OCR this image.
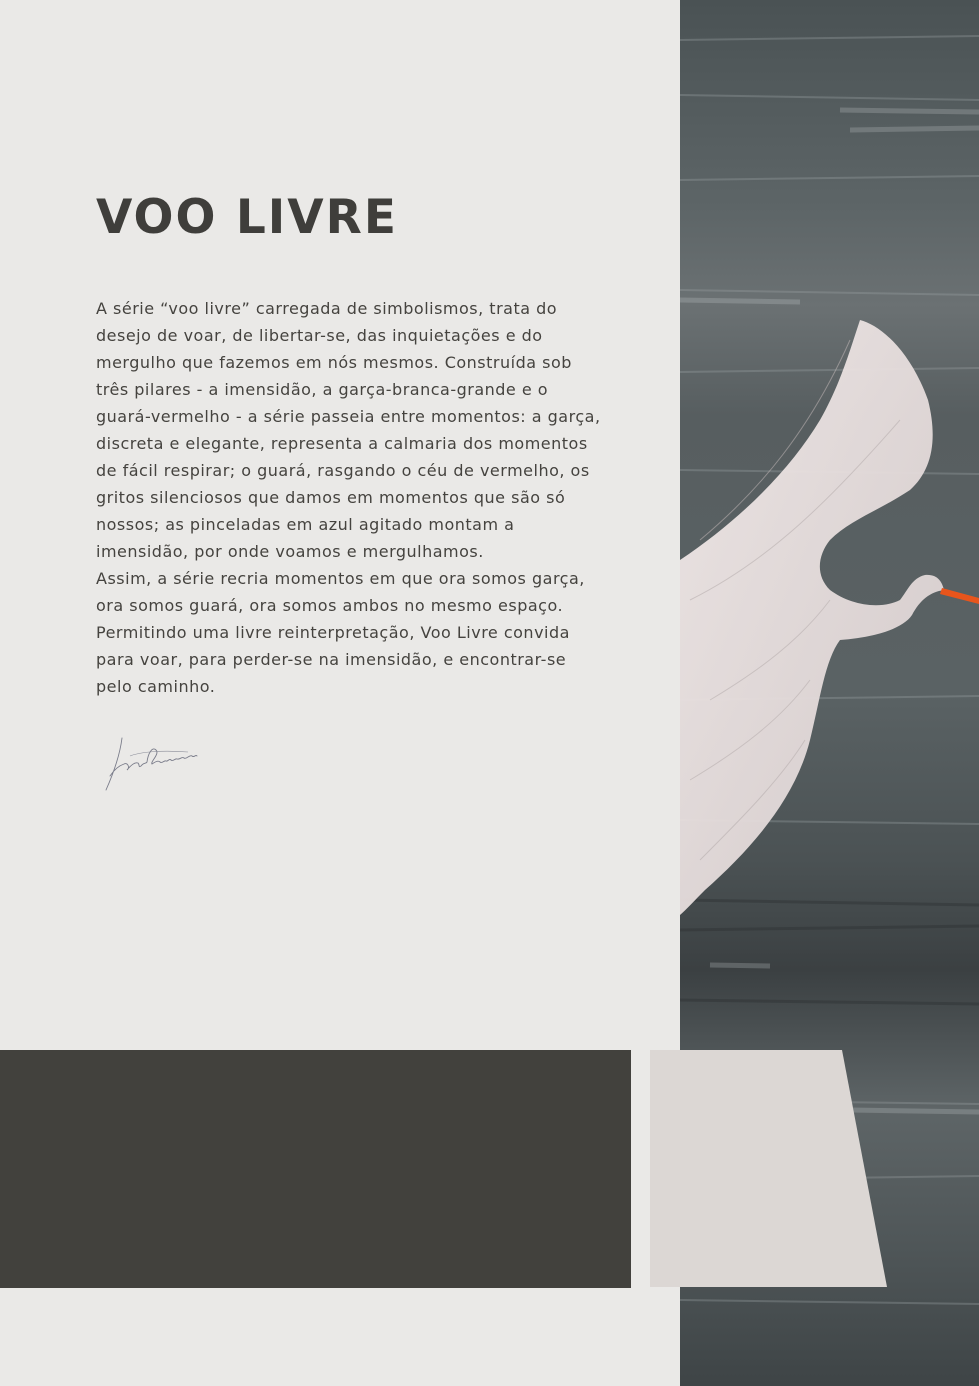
VOO LIVRE

A série “voo livre” carregada de simbolismos, trata do

desejo de voar, de libertar-se, das inquietações e do

mergulho que fazemos em nós mesmos. Construída sob

três pilares - a imensidão, a garça-branca-grande e o

guará-vermelho - a série passeia entre momentos: a garça,

discreta e elegante, representa a calmaria dos momentos

de fácil respirar; o guará, rasgando o céu de vermelho, os

gritos silenciosos que damos em momentos que são só

nossos; as pinceladas em azul agitado montam a

imensidão, por onde voamos e mergulhamos.

Assim, a série recria momentos em que ora somos garça,

ora somos guará, ora somos ambos no mesmo espaço.

Permitindo uma livre reinterpretação, Voo Livre convida

para voar, para perder-se na imensidão, e encontrar-se

pelo caminho.
